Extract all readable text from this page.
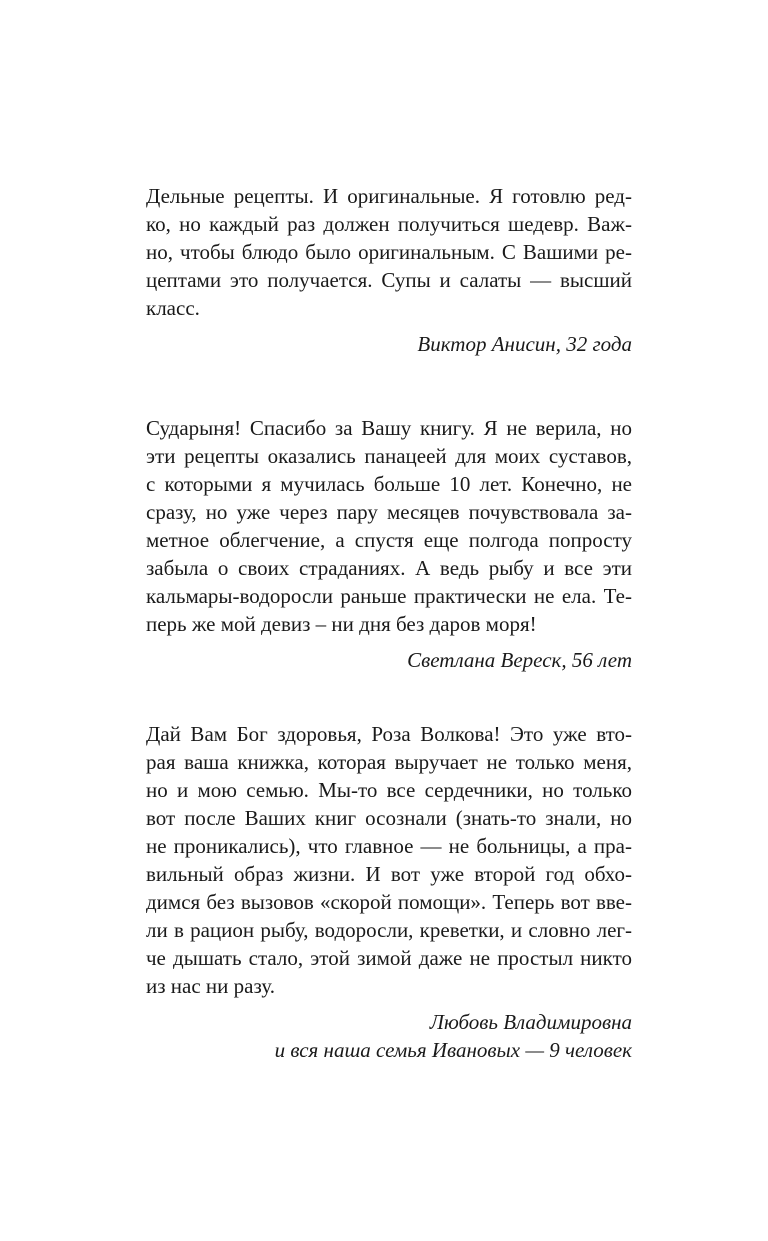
Дельные рецепты. И оригинальные. Я готовлю ред-
ко, но каждый раз должен получиться шедевр. Важ-
но, чтобы блюдо было оригинальным. С Вашими ре-
цептами это получается. Супы и салаты — высший
класс.
Виктор Анисин, 32 года
Сударыня! Спасибо за Вашу книгу. Я не верила, но
эти рецепты оказались панацеей для моих суставов,
с которыми я мучилась больше 10 лет. Конечно, не
сразу, но уже через пару месяцев почувствовала за-
метное облегчение, а спустя еще полгода попросту
забыла о своих страданиях. А ведь рыбу и все эти
кальмары-водоросли раньше практически не ела. Те-
перь же мой девиз – ни дня без даров моря!
Светлана Вереск, 56 лет
Дай Вам Бог здоровья, Роза Волкова! Это уже вто-
рая ваша книжка, которая выручает не только меня,
но и мою семью. Мы-то все сердечники, но только
вот после Ваших книг осознали (знать-то знали, но
не проникались), что главное — не больницы, а пра-
вильный образ жизни. И вот уже второй год обхо-
димся без вызовов «скорой помощи». Теперь вот вве-
ли в рацион рыбу, водоросли, креветки, и словно лег-
че дышать стало, этой зимой даже не простыл никто
из нас ни разу.
Любовь Владимировна
и вся наша семья Ивановых — 9 человек
